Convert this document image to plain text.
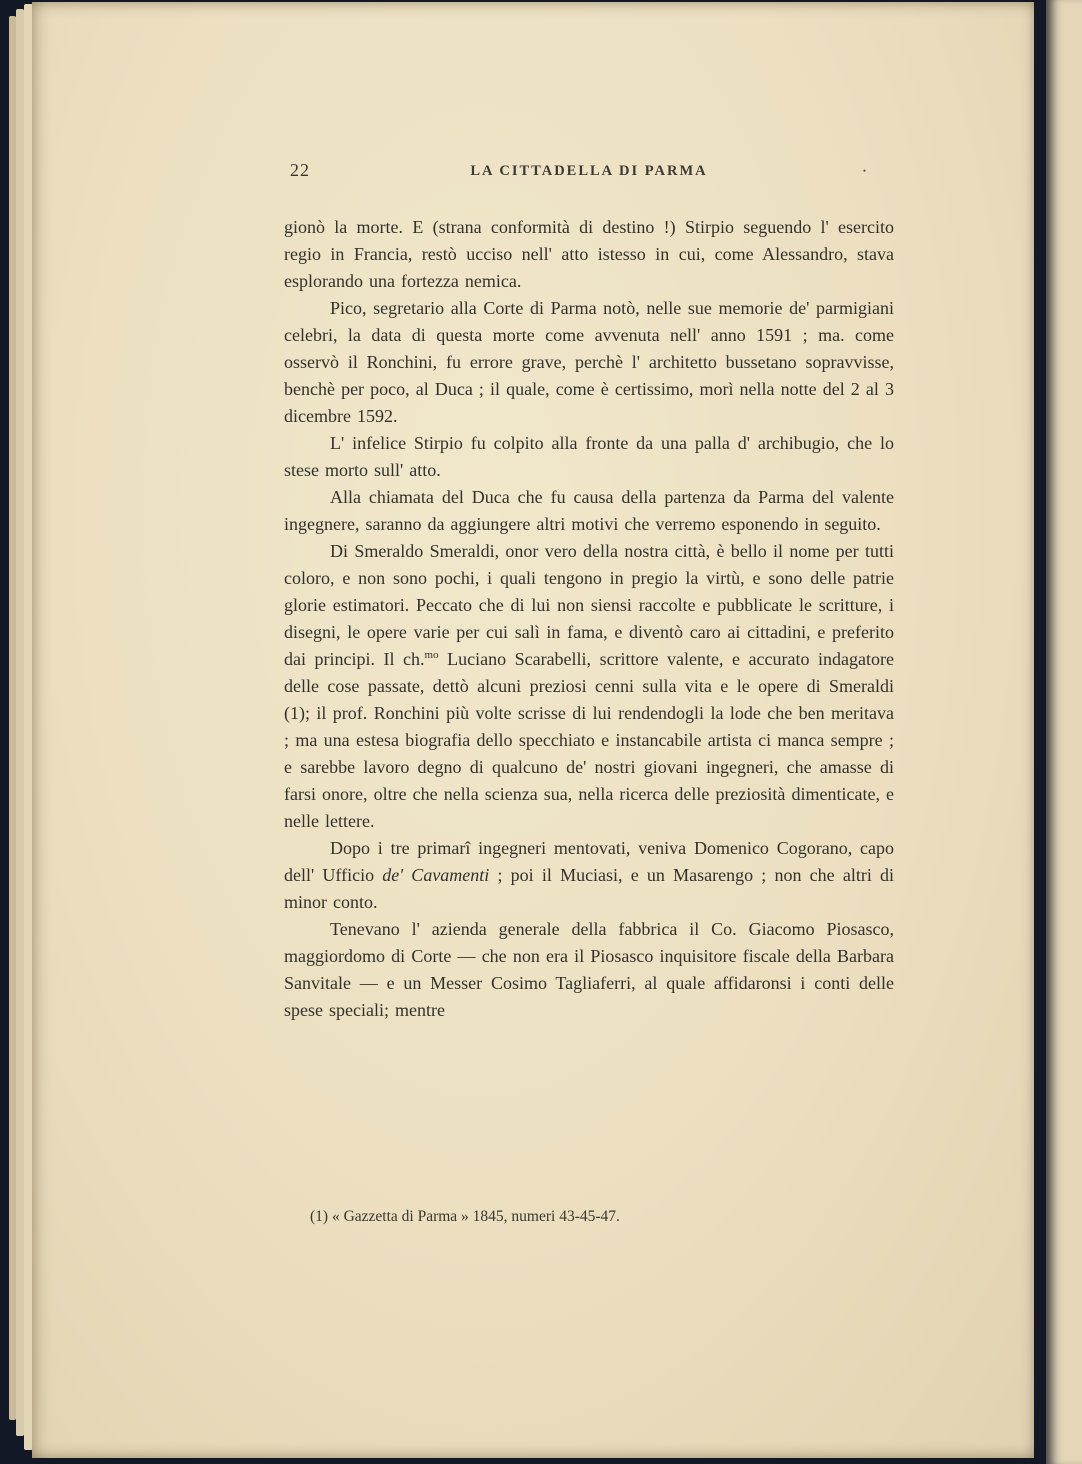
22	LA CITTADELLA DI PARMA	•

gionò la morte. E (strana conformità di destino !) Stirpio seguendo l' esercito regio in Francia, restò ucciso nell' atto istesso in cui, come Alessandro, stava esplorando una fortezza nemica.

Pico, segretario alla Corte di Parma notò, nelle sue memorie de' parmigiani celebri, la data di questa morte come avvenuta nell' anno 1591 ; ma. come osservò il Ronchini, fu errore grave, perchè l' architetto bussetano sopravvisse, benchè per poco, al Duca ; il quale, come è certissimo, morì nella notte del 2 al 3 dicembre 1592.

L' infelice Stirpio fu colpito alla fronte da una palla d' archibugio, che lo stese morto sull' atto.

Alla chiamata del Duca che fu causa della partenza da Parma del valente ingegnere, saranno da aggiungere altri motivi che verremo esponendo in seguito.

Di Smeraldo Smeraldi, onor vero della nostra città, è bello il nome per tutti coloro, e non sono pochi, i quali tengono in pregio la virtù, e sono delle patrie glorie estimatori. Peccato che di lui non siensi raccolte e pubblicate le scritture, i disegni, le opere varie per cui salì in fama, e diventò caro ai cittadini, e preferito dai principi. Il ch.$^{mo}$ Luciano Scarabelli, scrittore valente, e accurato indagatore delle cose passate, dettò alcuni preziosi cenni sulla vita e le opere di Smeraldi (1); il prof. Ronchini più volte scrisse di lui rendendogli la lode che ben meritava ; ma una estesa biografia dello specchiato e instancabile artista ci manca sempre ; e sarebbe lavoro degno di qualcuno de' nostri giovani ingegneri, che amasse di farsi onore, oltre che nella scienza sua, nella ricerca delle preziosità dimenticate, e nelle lettere.

Dopo i tre primarî ingegneri mentovati, veniva Domenico Cogorano, capo dell' Ufficio de' Cavamenti ; poi il Muciasi, e un Masarengo ; non che altri di minor conto.

Tenevano l' azienda generale della fabbrica il Co. Giacomo Piosasco, maggiordomo di Corte — che non era il Piosasco inquisitore fiscale della Barbara Sanvitale — e un Messer Cosimo Tagliaferri, al quale affidaronsi i conti delle spese speciali; mentre

(1) « Gazzetta di Parma » 1845, numeri 43-45-47.
